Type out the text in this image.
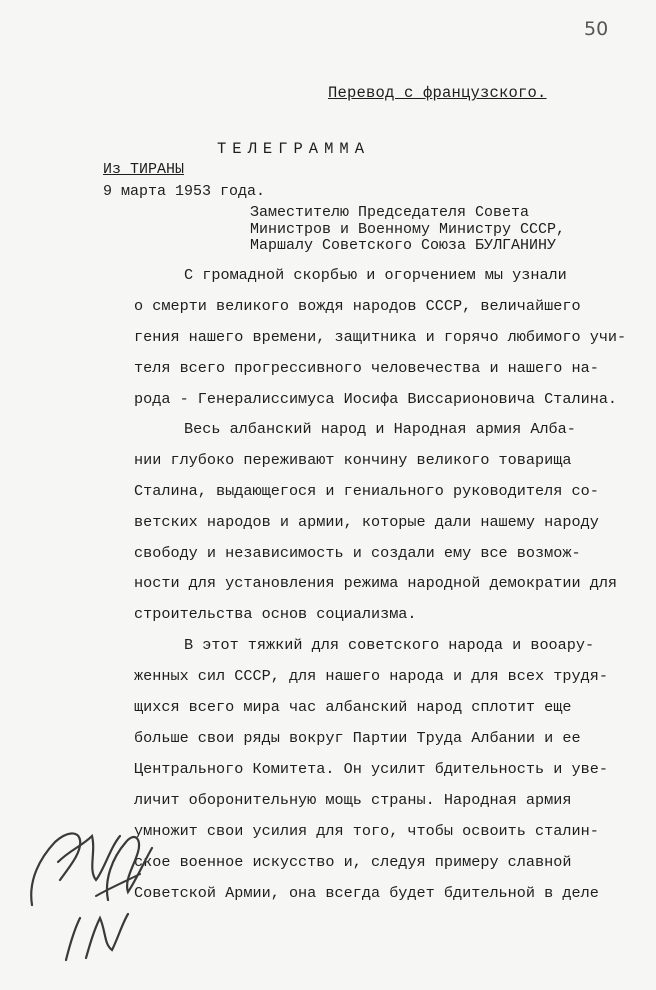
50
Перевод с французского.
ТЕЛЕГРАММА
Из ТИРАНЫ
9 марта 1953 года.
Заместителю Председателя Совета
Министров и Военному Министру СССР,
Маршалу Советского Союза БУЛГАНИНУ
С громадной скорбью и огорчением мы узнали
о смерти великого вождя народов СССР, величайшего
гения нашего времени, защитника и горячо любимого учи-
теля всего прогрессивного человечества и нашего на-
рода - Генералиссимуса Иосифа Виссарионовича Сталина.
Весь албанский народ и Народная армия Алба-
нии глубоко переживают кончину великого товарища
Сталина, выдающегося и гениального руководителя со-
ветских народов и армии, которые дали нашему народу
свободу и независимость и создали ему все возмож-
ности для установления режима народной демократии для
строительства основ социализма.
В этот тяжкий для советского народа и вооару-
женных сил СССР, для нашего народа и для всех трудя-
щихся всего мира час албанский народ сплотит еще
больше свои ряды вокруг Партии Труда Албании и ее
Центрального Комитета. Он усилит бдительность и уве-
личит оборонительную мощь страны. Народная армия
умножит свои усилия для того, чтобы освоить сталин-
ское военное искусство и, следуя примеру славной
Советской Армии, она всегда будет бдительной в деле
